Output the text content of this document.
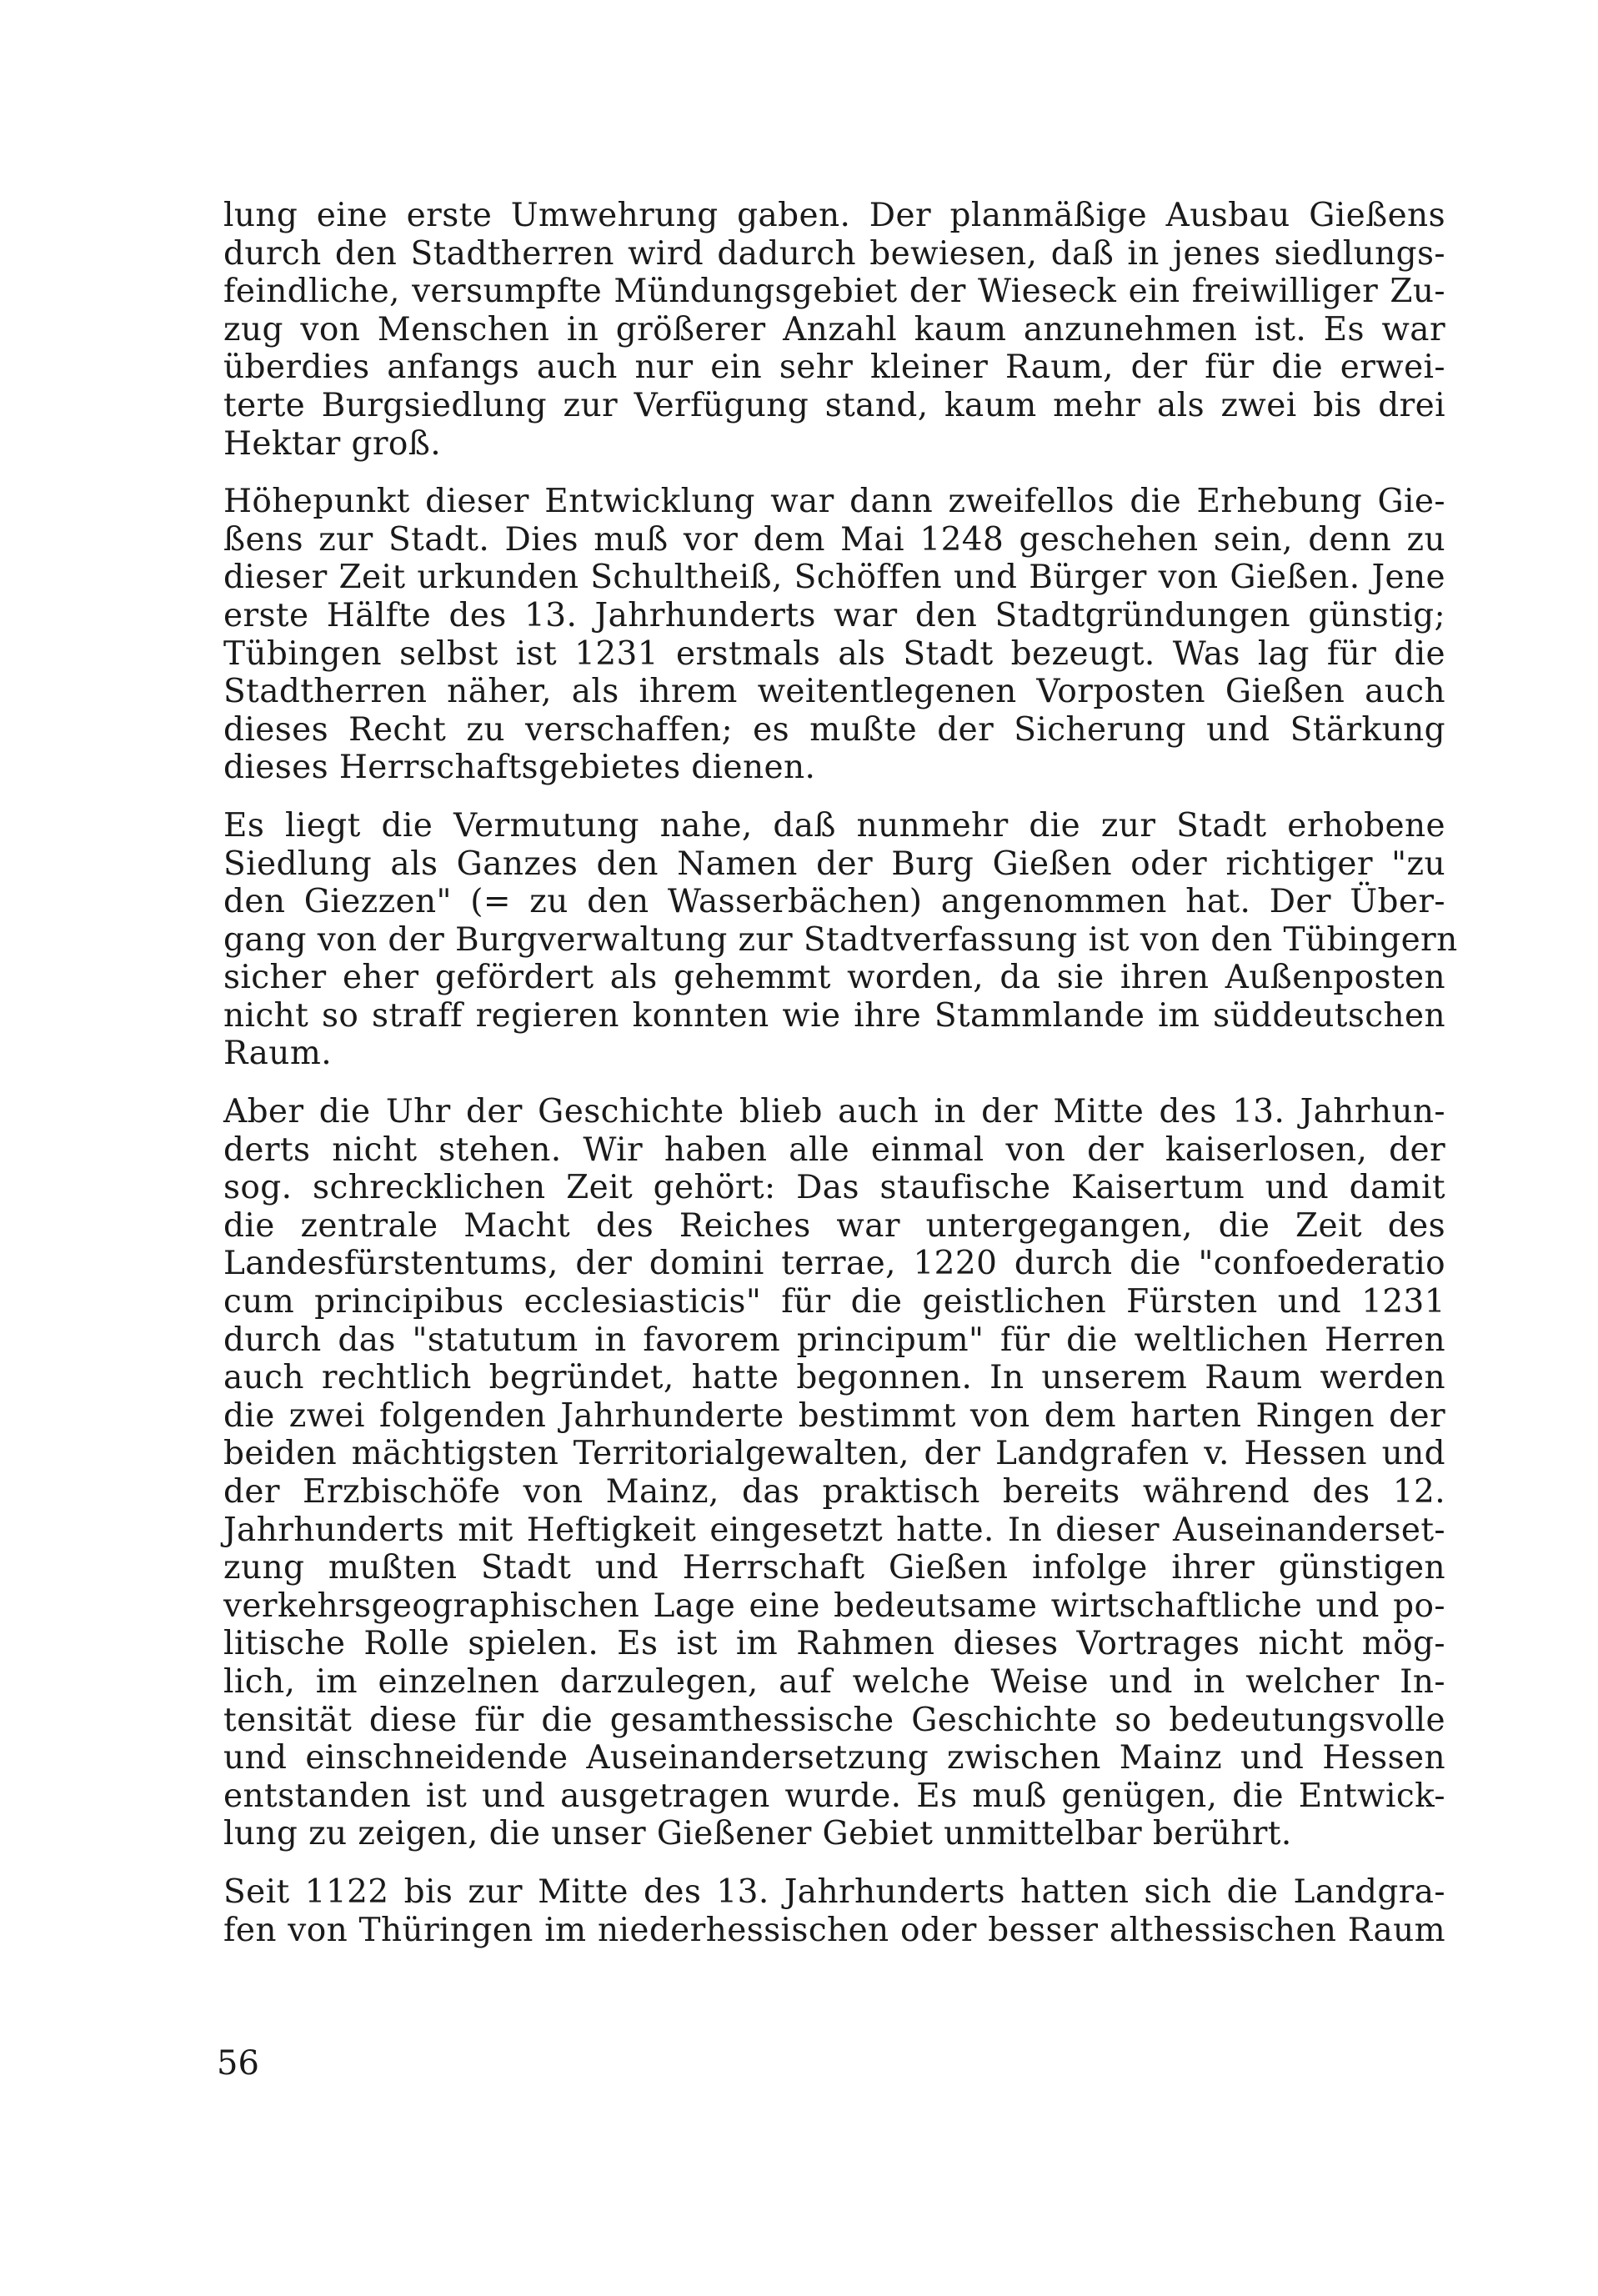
lung eine erste Umwehrung gaben. Der planmäßige Ausbau Gießens
durch den Stadtherren wird dadurch bewiesen, daß in jenes siedlungs-
feindliche, versumpfte Mündungsgebiet der Wieseck ein freiwilliger Zu-
zug von Menschen in größerer Anzahl kaum anzunehmen ist. Es war
überdies anfangs auch nur ein sehr kleiner Raum, der für die erwei-
terte Burgsiedlung zur Verfügung stand, kaum mehr als zwei bis drei
Hektar groß.
Höhepunkt dieser Entwicklung war dann zweifellos die Erhebung Gie-
ßens zur Stadt. Dies muß vor dem Mai 1248 geschehen sein, denn zu
dieser Zeit urkunden Schultheiß, Schöffen und Bürger von Gießen. Jene
erste Hälfte des 13. Jahrhunderts war den Stadtgründungen günstig;
Tübingen selbst ist 1231 erstmals als Stadt bezeugt. Was lag für die
Stadtherren näher, als ihrem weitentlegenen Vorposten Gießen auch
dieses Recht zu verschaffen; es mußte der Sicherung und Stärkung
dieses Herrschaftsgebietes dienen.
Es liegt die Vermutung nahe, daß nunmehr die zur Stadt erhobene
Siedlung als Ganzes den Namen der Burg Gießen oder richtiger "zu
den Giezzen" (= zu den Wasserbächen) angenommen hat. Der Über-
gang von der Burgverwaltung zur Stadtverfassung ist von den Tübingern
sicher eher gefördert als gehemmt worden, da sie ihren Außenposten
nicht so straff regieren konnten wie ihre Stammlande im süddeutschen
Raum.
Aber die Uhr der Geschichte blieb auch in der Mitte des 13. Jahrhun-
derts nicht stehen. Wir haben alle einmal von der kaiserlosen, der
sog. schrecklichen Zeit gehört: Das staufische Kaisertum und damit
die zentrale Macht des Reiches war untergegangen, die Zeit des
Landesfürstentums, der domini terrae, 1220 durch die "confoederatio
cum principibus ecclesiasticis" für die geistlichen Fürsten und 1231
durch das "statutum in favorem principum" für die weltlichen Herren
auch rechtlich begründet, hatte begonnen. In unserem Raum werden
die zwei folgenden Jahrhunderte bestimmt von dem harten Ringen der
beiden mächtigsten Territorialgewalten, der Landgrafen v. Hessen und
der Erzbischöfe von Mainz, das praktisch bereits während des 12.
Jahrhunderts mit Heftigkeit eingesetzt hatte. In dieser Auseinanderset-
zung mußten Stadt und Herrschaft Gießen infolge ihrer günstigen
verkehrsgeographischen Lage eine bedeutsame wirtschaftliche und po-
litische Rolle spielen. Es ist im Rahmen dieses Vortrages nicht mög-
lich, im einzelnen darzulegen, auf welche Weise und in welcher In-
tensität diese für die gesamthessische Geschichte so bedeutungsvolle
und einschneidende Auseinandersetzung zwischen Mainz und Hessen
entstanden ist und ausgetragen wurde. Es muß genügen, die Entwick-
lung zu zeigen, die unser Gießener Gebiet unmittelbar berührt.
Seit 1122 bis zur Mitte des 13. Jahrhunderts hatten sich die Landgra-
fen von Thüringen im niederhessischen oder besser althessischen Raum
56
